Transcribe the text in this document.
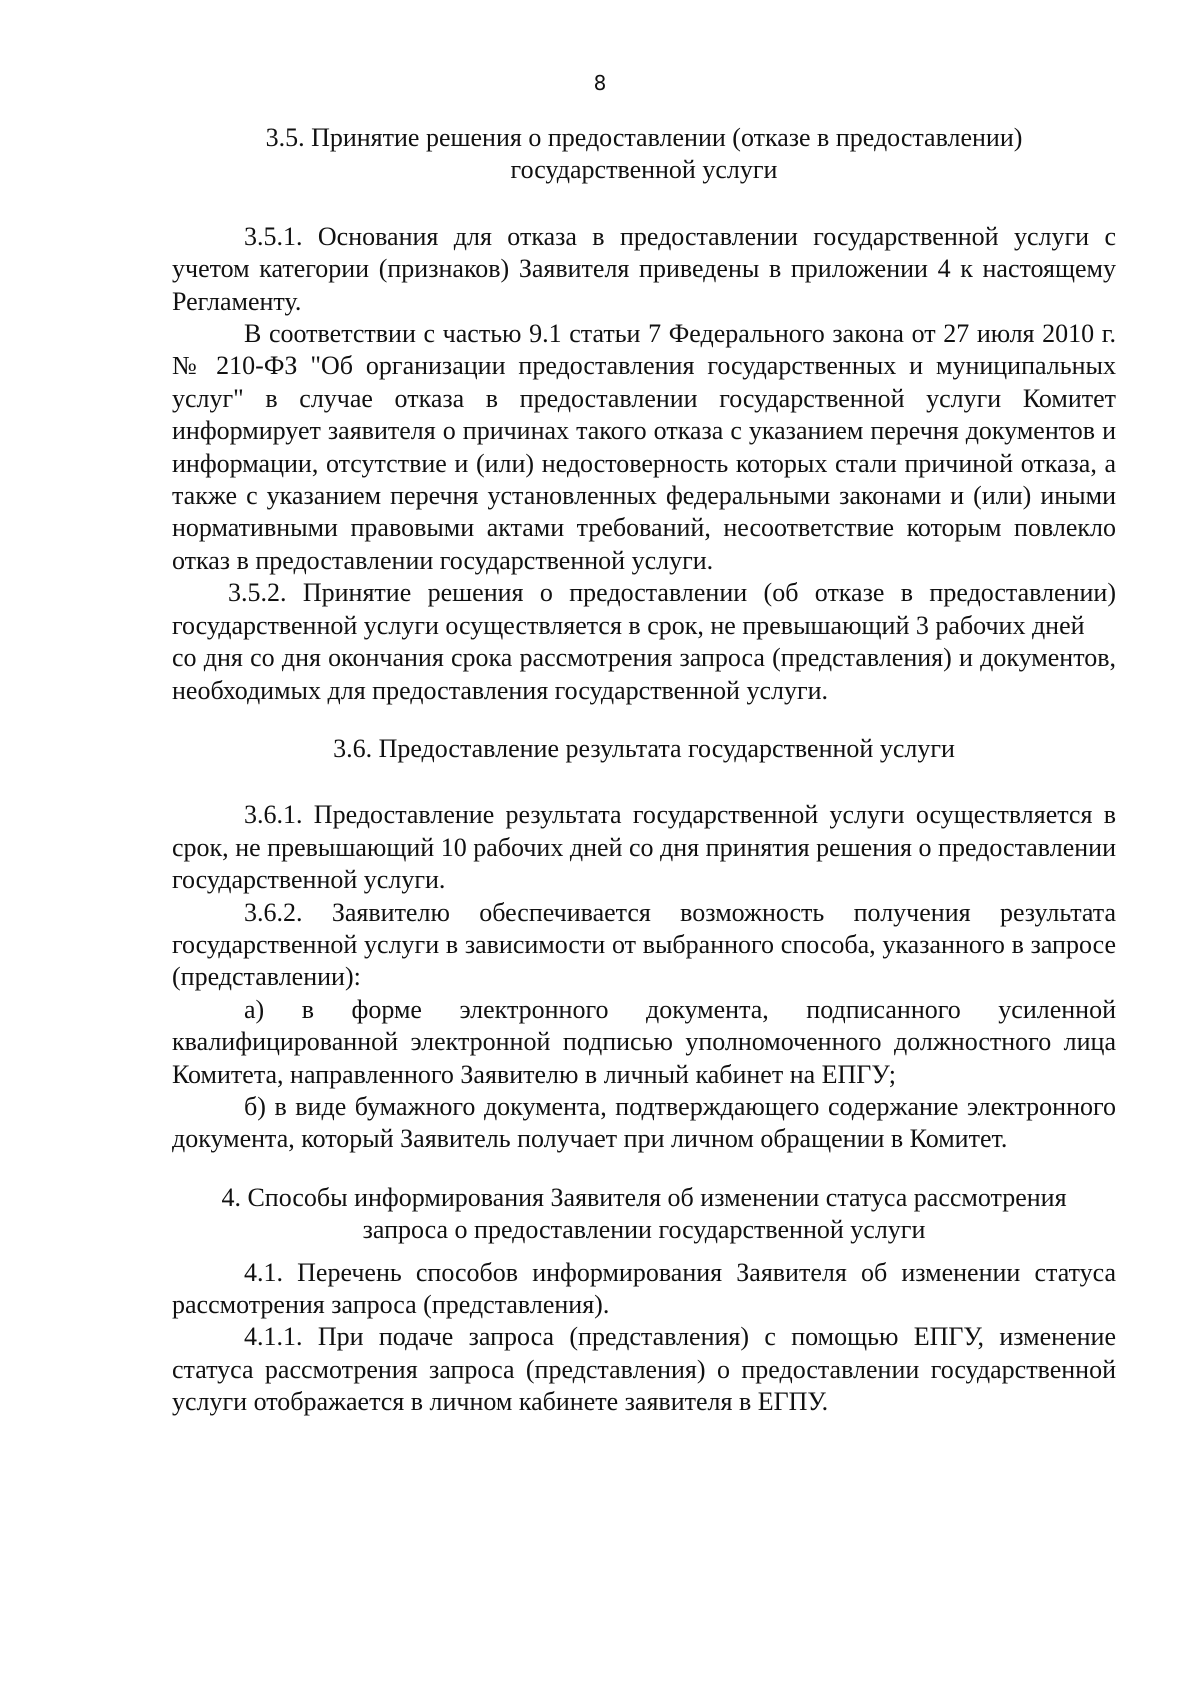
8

3.5. Принятие решения о предоставлении (отказе в предоставлении)

государственной услуги

3.5.1. Основания для отказа в предоставлении государственной услуги с учетом категории (признаков) Заявителя приведены в приложении 4 к настоящему Регламенту.

В соответствии с частью 9.1 статьи 7 Федерального закона от 27 июля 2010 г. № 210-ФЗ "Об организации предоставления государственных и муниципальных услуг" в случае отказа в предоставлении государственной услуги Комитет информирует заявителя о причинах такого отказа с указанием перечня документов и информации, отсутствие и (или) недостоверность которых стали причиной отказа, а также с указанием перечня установленных федеральными законами и (или) иными нормативными правовыми актами требований, несоответствие которым повлекло отказ в предоставлении государственной услуги.

3.5.2. Принятие решения о предоставлении (об отказе в предоставлении) государственной услуги осуществляется в срок, не превышающий 3 рабочих дней

со дня со дня окончания срока рассмотрения запроса (представления) и документов, необходимых для предоставления государственной услуги.

3.6. Предоставление результата государственной услуги

3.6.1. Предоставление результата государственной услуги осуществляется в срок, не превышающий 10 рабочих дней со дня принятия решения о предоставлении государственной услуги.

3.6.2. Заявителю обеспечивается возможность получения результата государственной услуги в зависимости от выбранного способа, указанного в запросе (представлении):

а) в форме электронного документа, подписанного усиленной квалифицированной электронной подписью уполномоченного должностного лица Комитета, направленного Заявителю в личный кабинет на ЕПГУ;

б) в виде бумажного документа, подтверждающего содержание электронного документа, который Заявитель получает при личном обращении в Комитет.

4. Способы информирования Заявителя об изменении статуса рассмотрения

запроса о предоставлении государственной услуги

4.1. Перечень способов информирования Заявителя об изменении статуса рассмотрения запроса (представления).

4.1.1. При подаче запроса (представления) с помощью ЕПГУ, изменение статуса рассмотрения запроса (представления) о предоставлении государственной услуги отображается в личном кабинете заявителя в ЕГПУ.
